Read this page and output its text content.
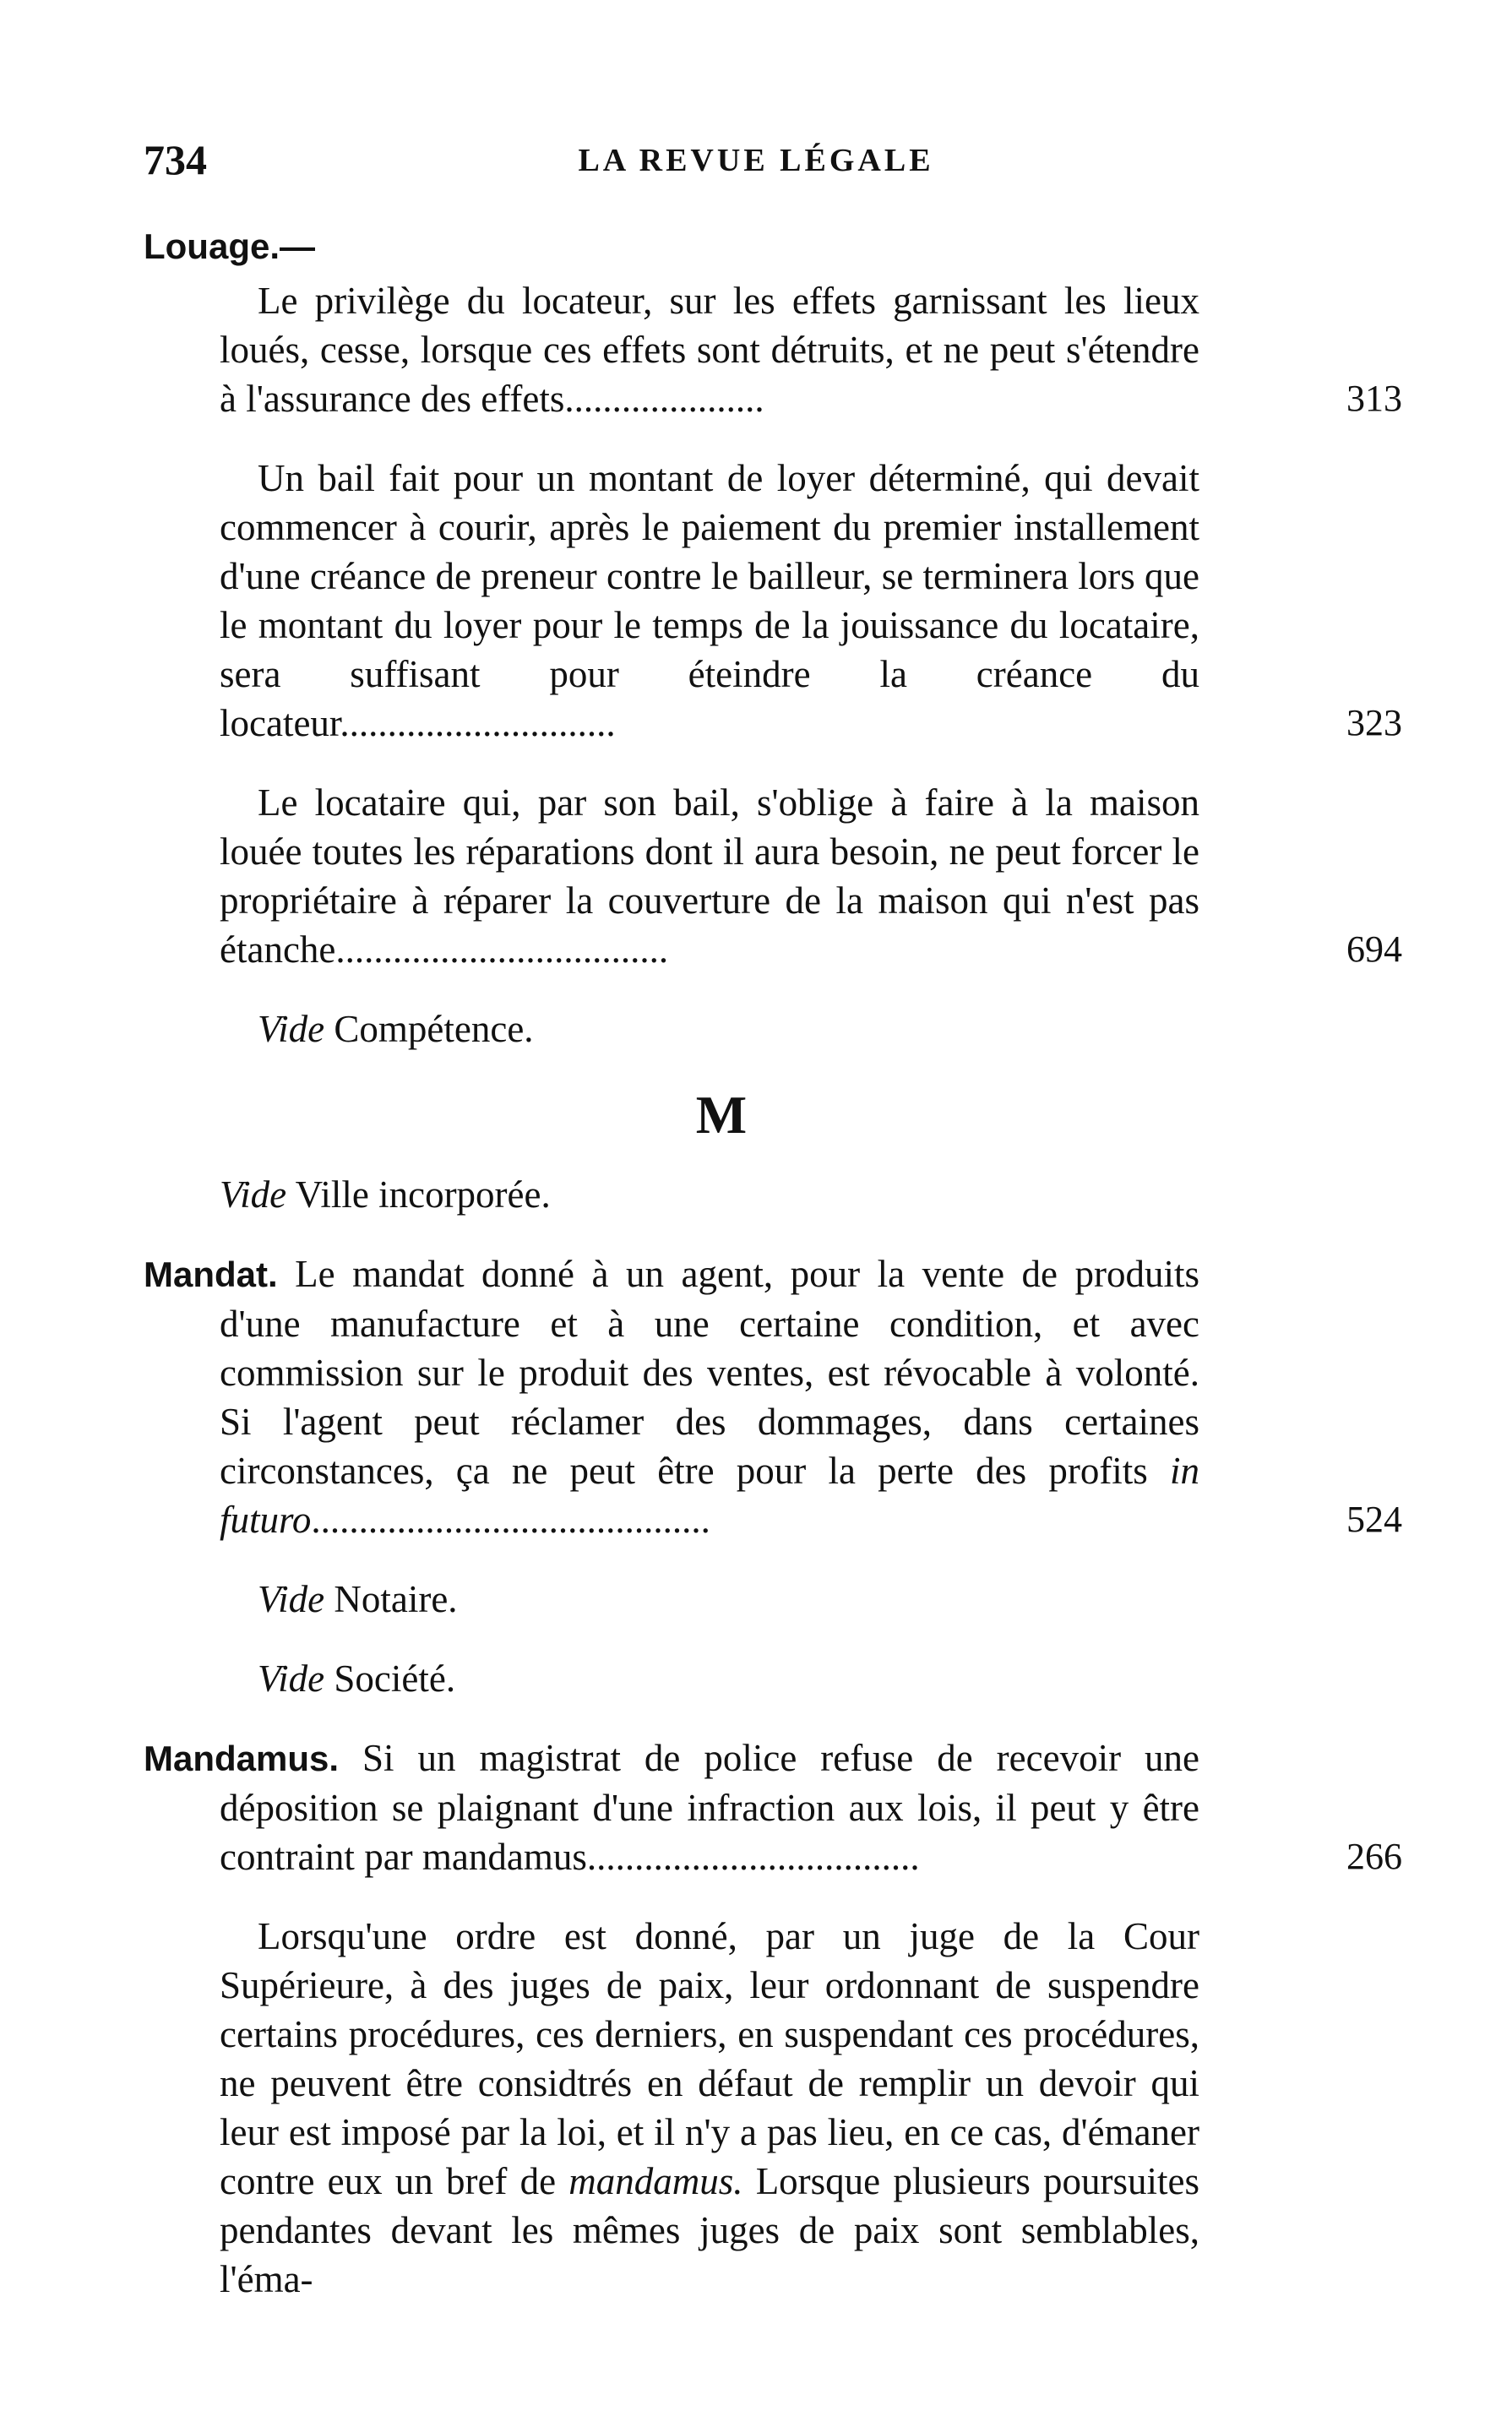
734	LA REVUE LÉGALE
Louage.—
Le privilège du locateur, sur les effets garnissant les lieux loués, cesse, lorsque ces effets sont détruits, et ne peut s'étendre à l'assurance des effets.....................	313
Un bail fait pour un montant de loyer déterminé, qui devait commencer à courir, après le paiement du premier installement d'une créance de preneur contre le bailleur, se terminera lors que le montant du loyer pour le temps de la jouissance du locataire, sera suffisant pour éteindre la créance du locateur.............................	323
Le locataire qui, par son bail, s'oblige à faire à la maison louée toutes les réparations dont il aura besoin, ne peut forcer le propriétaire à réparer la couverture de la maison qui n'est pas étanche...................................	694
Vide Compétence.
M
Vide Ville incorporée.
Mandat. Le mandat donné à un agent, pour la vente de produits d'une manufacture et à une certaine condition, et avec commission sur le produit des ventes, est révocable à volonté. Si l'agent peut réclamer des dommages, dans certaines circonstances, ça ne peut être pour la perte des profits in futuro..........................................	524
Vide Notaire.
Vide Société.
Mandamus. Si un magistrat de police refuse de recevoir une déposition se plaignant d'une infraction aux lois, il peut y être contraint par mandamus...................................	266
Lorsqu'une ordre est donné, par un juge de la Cour Supérieure, à des juges de paix, leur ordonnant de suspendre certains procédures, ces derniers, en suspendant ces procédures, ne peuvent être considtrés en défaut de remplir un devoir qui leur est imposé par la loi, et il n'y a pas lieu, en ce cas, d'émaner contre eux un bref de mandamus. Lorsque plusieurs poursuites pendantes devant les mêmes juges de paix sont semblables, l'éma-
